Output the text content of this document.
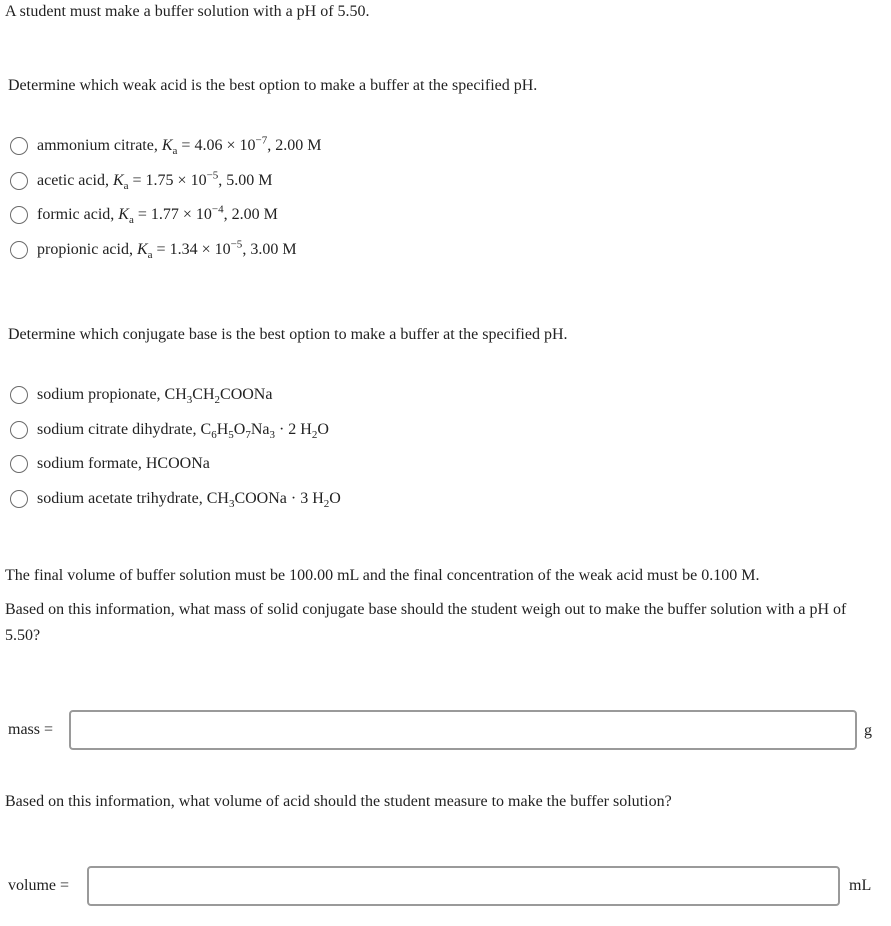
A student must make a buffer solution with a pH of 5.50.
Determine which weak acid is the best option to make a buffer at the specified pH.
ammonium citrate, $K_a = 4.06 \times 10^{-7}$, 2.00 M
acetic acid, $K_a = 1.75 \times 10^{-5}$, 5.00 M
formic acid, $K_a = 1.77 \times 10^{-4}$, 2.00 M
propionic acid, $K_a = 1.34 \times 10^{-5}$, 3.00 M
Determine which conjugate base is the best option to make a buffer at the specified pH.
sodium propionate, $CH_3CH_2COONa$
sodium citrate dihydrate, $C_6H_5O_7Na_3 \cdot 2$ $H_2O$
sodium formate, HCOONa
sodium acetate trihydrate, $CH_3COONa \cdot 3$ $H_2O$
The final volume of buffer solution must be 100.00 mL and the final concentration of the weak acid must be 0.100 M.
Based on this information, what mass of solid conjugate base should the student weigh out to make the buffer solution with a pH of 5.50?
mass =	g
Based on this information, what volume of acid should the student measure to make the buffer solution?
volume =	mL
